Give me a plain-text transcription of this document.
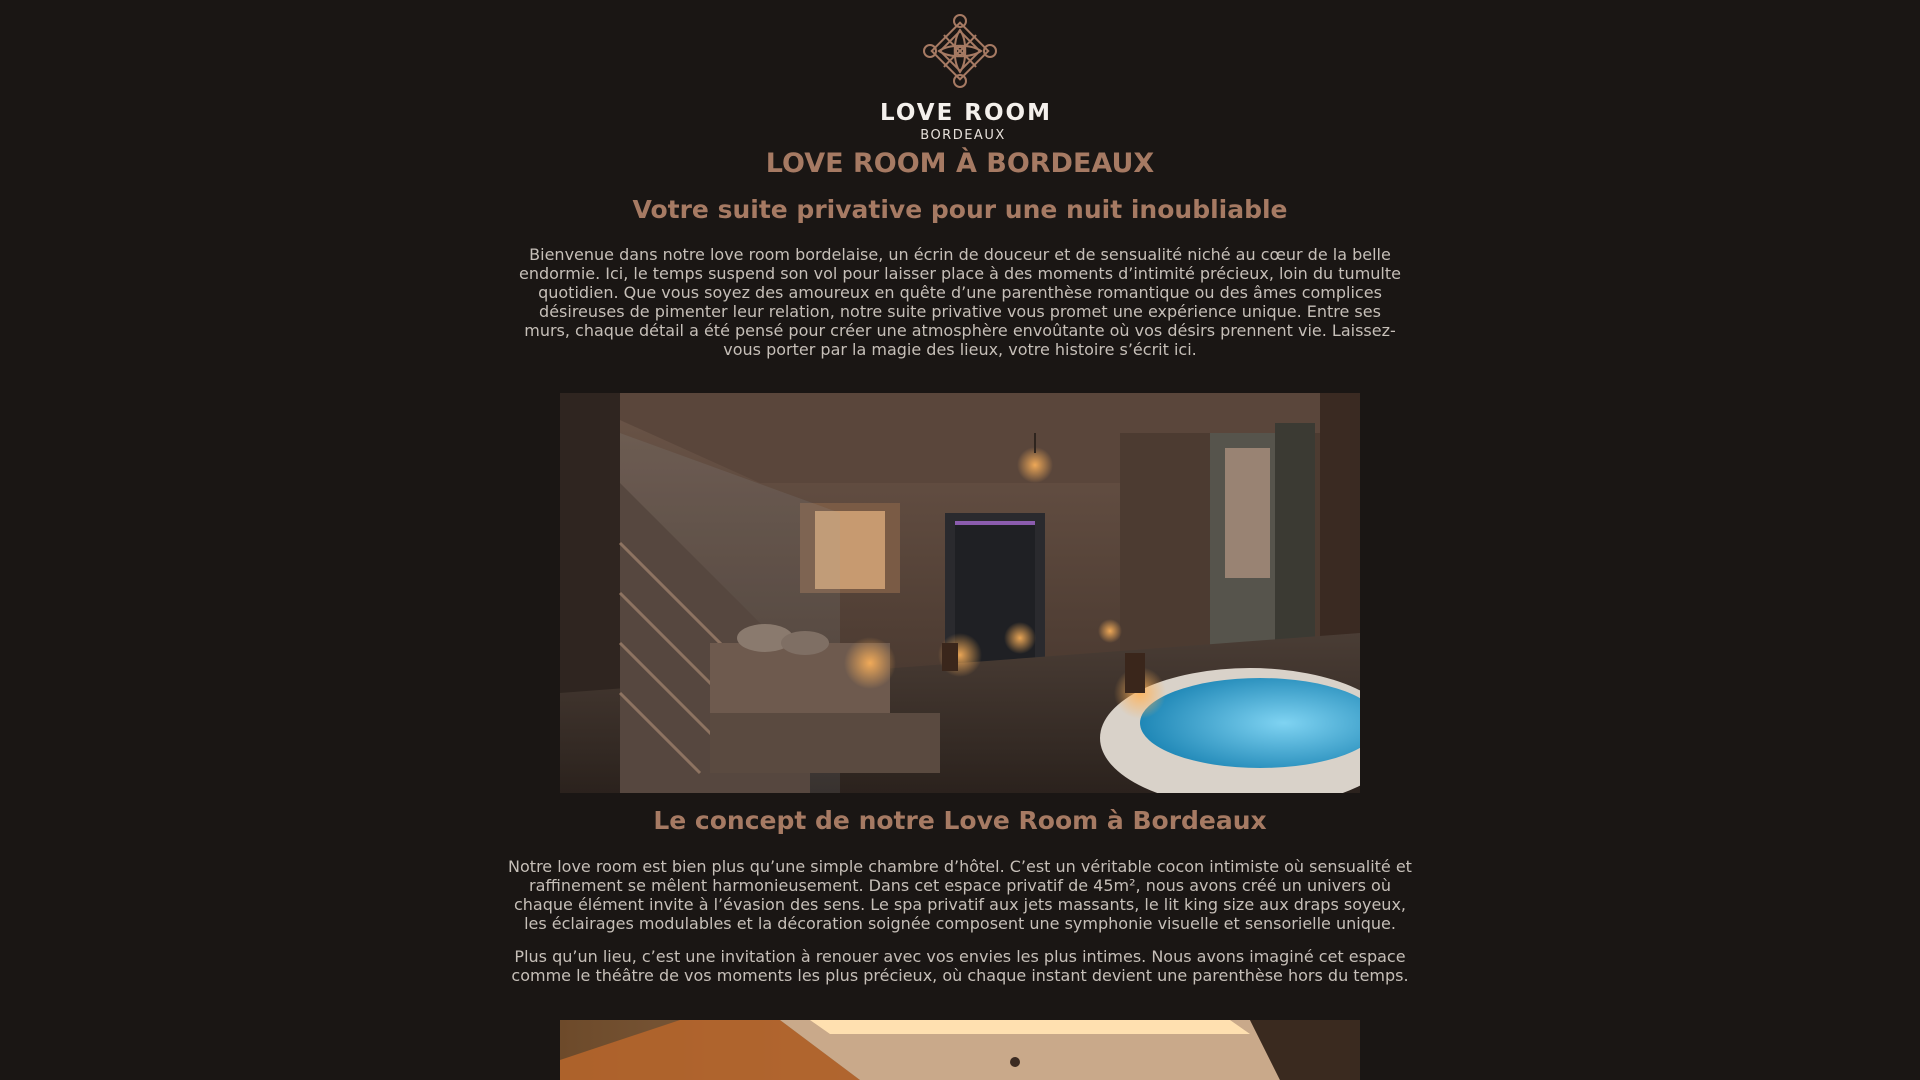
LOVE ROOM
BORDEAUX
LOVE ROOM À BORDEAUX
Votre suite privative pour une nuit inoubliable

Bienvenue dans notre love room bordelaise, un écrin de douceur et de sensualité niché au cœur de la belle endormie. Ici, le temps suspend son vol pour laisser place à des moments d’intimité précieux, loin du tumulte quotidien. Que vous soyez des amoureux en quête d’une parenthèse romantique ou des âmes complices désireuses de pimenter leur relation, notre suite privative vous promet une expérience unique. Entre ses murs, chaque détail a été pensé pour créer une atmosphère envoûtante où vos désirs prennent vie. Laissez-vous porter par la magie des lieux, votre histoire s’écrit ici.

Le concept de notre Love Room à Bordeaux

Notre love room est bien plus qu’une simple chambre d’hôtel. C’est un véritable cocon intimiste où sensualité et raffinement se mêlent harmonieusement. Dans cet espace privatif de 45m², nous avons créé un univers où chaque élément invite à l’évasion des sens. Le spa privatif aux jets massants, le lit king size aux draps soyeux, les éclairages modulables et la décoration soignée composent une symphonie visuelle et sensorielle unique.

Plus qu’un lieu, c’est une invitation à renouer avec vos envies les plus intimes. Nous avons imaginé cet espace comme le théâtre de vos moments les plus précieux, où chaque instant devient une parenthèse hors du temps.
